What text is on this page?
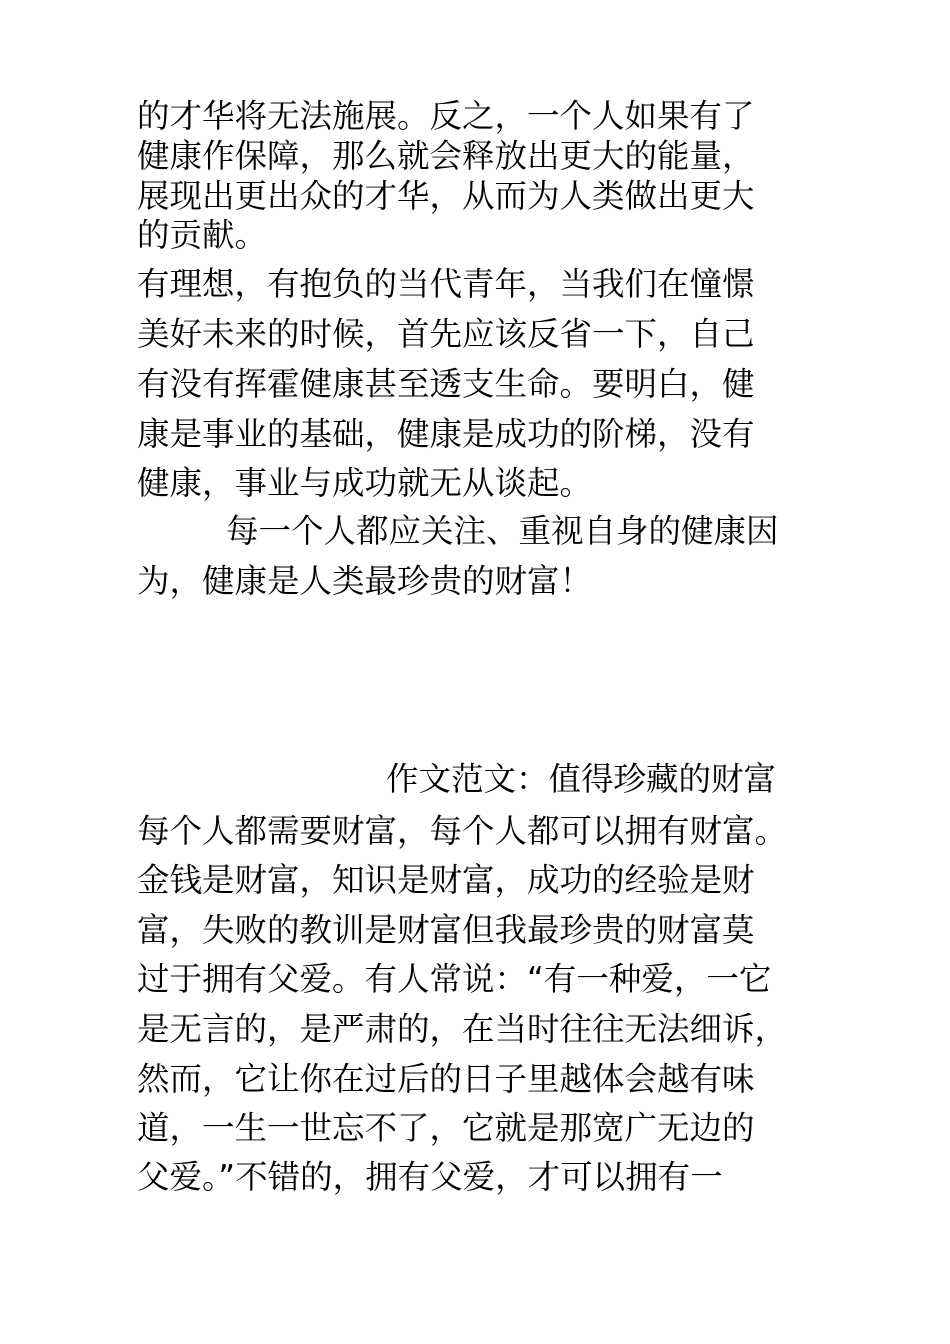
的才华将无法施展。反之，一个人如果有了

健康作保障，那么就会释放出更大的能量，

展现出更出众的才华，从而为人类做出更大

的贡献。

有理想，有抱负的当代青年，当我们在憧憬

美好未来的时候，首先应该反省一下，自己

有没有挥霍健康甚至透支生命。要明白，健

康是事业的基础，健康是成功的阶梯，没有

健康，事业与成功就无从谈起。

每一个人都应关注、重视自身的健康因

为，健康是人类最珍贵的财富！

作文范文：值得珍藏的财富

每个人都需要财富，每个人都可以拥有财富。

金钱是财富，知识是财富，成功的经验是财

富，失败的教训是财富但我最珍贵的财富莫

过于拥有父爱。有人常说：“有一种爱，一它

是无言的，是严肃的，在当时往往无法细诉，

然而，它让你在过后的日子里越体会越有味

道，一生一世忘不了，它就是那宽广无边的

父爱。”不错的，拥有父爱，才可以拥有一
